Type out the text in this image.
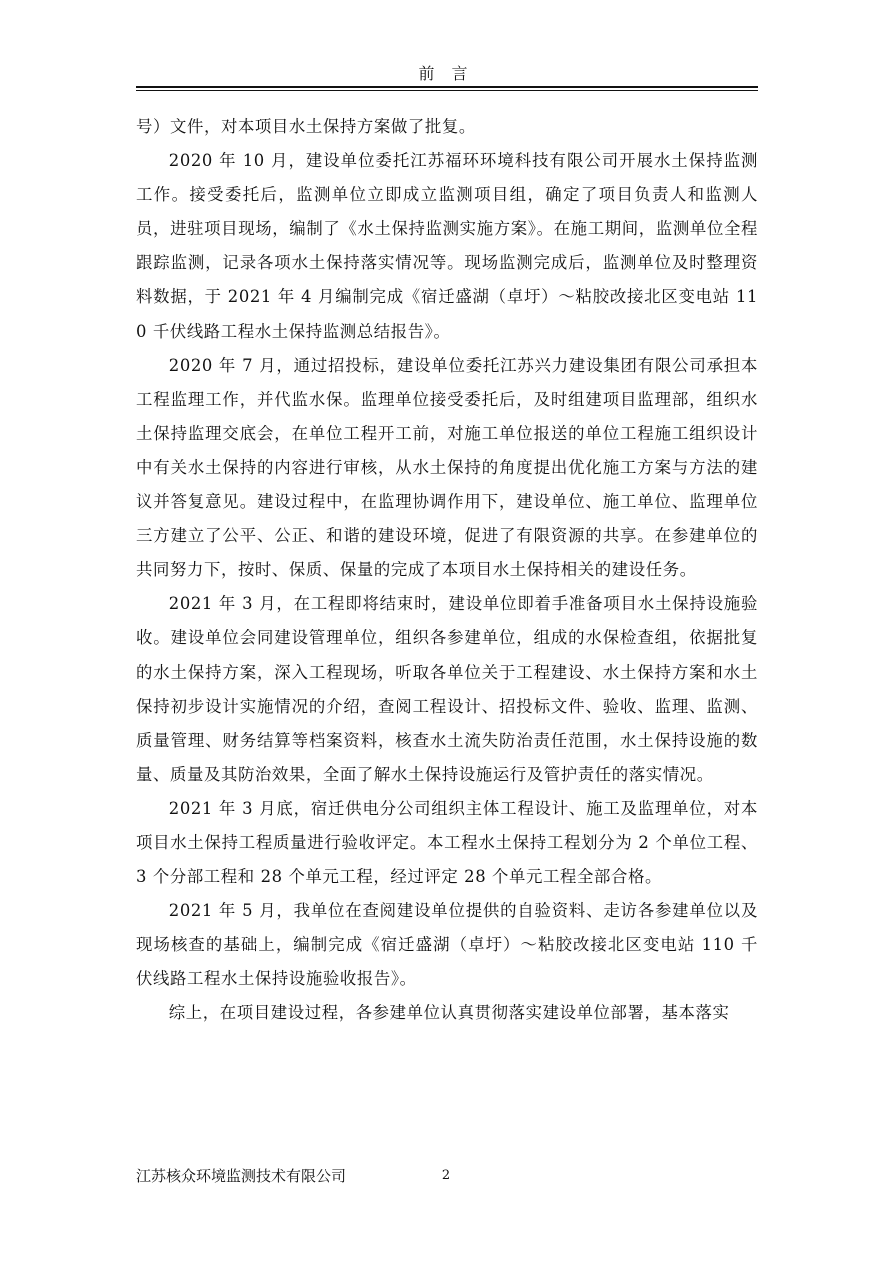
前 言

号）文件，对本项目水土保持方案做了批复。

2020 年 10 月，建设单位委托江苏福环环境科技有限公司开展水土保持监测工作。接受委托后，监测单位立即成立监测项目组，确定了项目负责人和监测人员，进驻项目现场，编制了《水土保持监测实施方案》。在施工期间，监测单位全程跟踪监测，记录各项水土保持落实情况等。现场监测完成后，监测单位及时整理资料数据，于 2021 年 4 月编制完成《宿迁盛湖（卓圩）～粘胶改接北区变电站 110 千伏线路工程水土保持监测总结报告》。

2020 年 7 月，通过招投标，建设单位委托江苏兴力建设集团有限公司承担本工程监理工作，并代监水保。监理单位接受委托后，及时组建项目监理部，组织水土保持监理交底会，在单位工程开工前，对施工单位报送的单位工程施工组织设计中有关水土保持的内容进行审核，从水土保持的角度提出优化施工方案与方法的建议并答复意见。建设过程中，在监理协调作用下，建设单位、施工单位、监理单位三方建立了公平、公正、和谐的建设环境，促进了有限资源的共享。在参建单位的共同努力下，按时、保质、保量的完成了本项目水土保持相关的建设任务。

2021 年 3 月，在工程即将结束时，建设单位即着手准备项目水土保持设施验收。建设单位会同建设管理单位，组织各参建单位，组成的水保检查组，依据批复的水土保持方案，深入工程现场，听取各单位关于工程建设、水土保持方案和水土保持初步设计实施情况的介绍，查阅工程设计、招投标文件、验收、监理、监测、质量管理、财务结算等档案资料，核查水土流失防治责任范围，水土保持设施的数量、质量及其防治效果，全面了解水土保持设施运行及管护责任的落实情况。

2021 年 3 月底，宿迁供电分公司组织主体工程设计、施工及监理单位，对本项目水土保持工程质量进行验收评定。本工程水土保持工程划分为 2 个单位工程、3 个分部工程和 28 个单元工程，经过评定 28 个单元工程全部合格。

2021 年 5 月，我单位在查阅建设单位提供的自验资料、走访各参建单位以及现场核查的基础上，编制完成《宿迁盛湖（卓圩）～粘胶改接北区变电站 110 千伏线路工程水土保持设施验收报告》。

综上，在项目建设过程，各参建单位认真贯彻落实建设单位部署，基本落实

江苏核众环境监测技术有限公司	2
